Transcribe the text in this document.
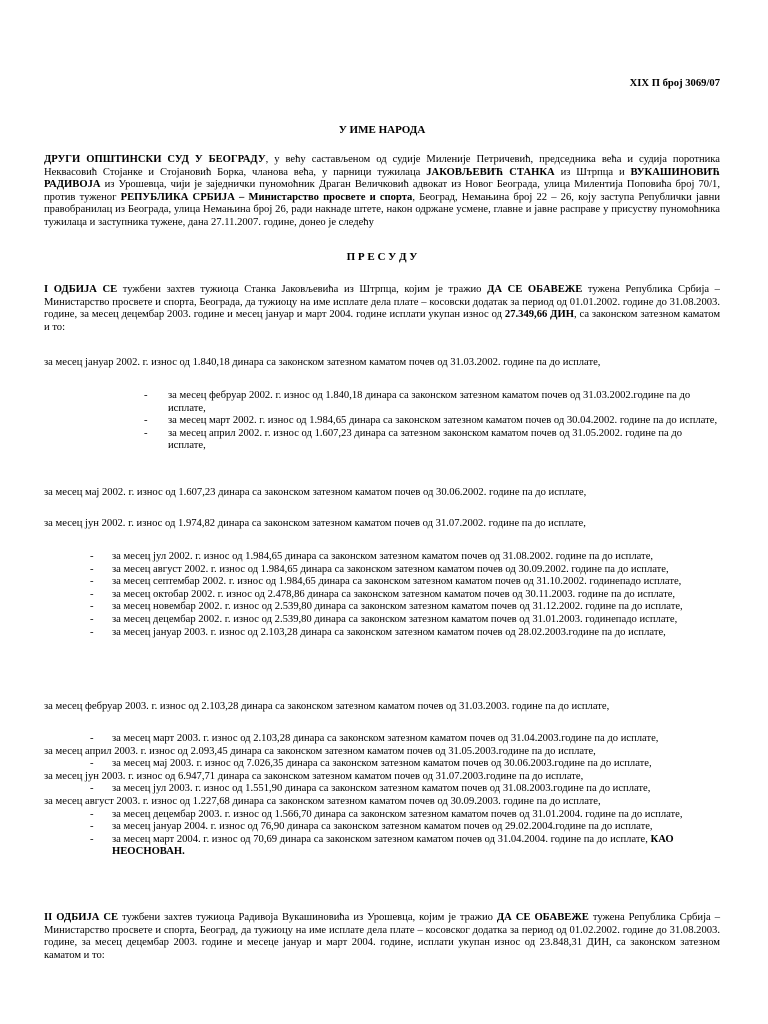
XIX П број 3069/07

У ИМЕ НАРОДА

ДРУГИ ОПШТИНСКИ СУД У БЕОГРАДУ, у већу састављеном од судије Миленије Петричевић, председника већа и судија поротника Неквасовић Стојанке и Стојановић Борка, чланова већа, у парници тужилаца ЈАКОВЉЕВИЋ СТАНКА из Штрпца и ВУКАШИНОВИЋ РАДИВОЈА из Урошевца, чији је заједнички пуномоћник Драган Величковић адвокат из Новог Београда, улица Милентија Поповића број 70/1, против туженог РЕПУБЛИКА СРБИЈА – Министарство просвете и спорта, Београд, Немањина број 22 – 26, коју заступа Републички јавни правобранилац из Београда, улица Немањина број 26, ради накнаде штете, након одржане усмене, главне и јавне расправе у присуству пуномоћника тужилаца и заступника тужене, дана 27.11.2007. године, донео је следећу

П Р Е С У Д У

I ОДБИЈА СЕ тужбени захтев тужиоца Станка Јаковљевића из Штрпца, којим је тражио ДА СЕ ОБАВЕЖЕ тужена Република Србија – Министарство просвете и спорта, Београда, да тужиоцу на име исплате дела плате – косовски додатак за период од 01.01.2002. године до 31.08.2003. године, за месец децембар 2003. године и месец јануар и март 2004. године исплати укупан износ од 27.349,66 ДИН, са законском затезном каматом и то:

за месец јануар 2002. г. износ од 1.840,18 динара са законском затезном каматом почев од 31.03.2002. године па до исплате,

- за месец фебруар 2002. г. износ од 1.840,18 динара са законском затезном каматом почев од 31.03.2002.године па до исплате,
- за месец март 2002. г. износ од 1.984,65 динара са законском затезном каматом почев од 30.04.2002. године па до исплате,
- за месец април 2002. г. износ од 1.607,23 динара са затезном законском каматом почев од 31.05.2002. године па до исплате,

за месец мај 2002. г. износ од 1.607,23 динара са законском затезном каматом почев од 30.06.2002. године па до исплате,

за месец јун 2002. г. износ од 1.974,82 динара са законском затезном каматом почев од 31.07.2002. године па до исплате,

- за месец јул 2002. г. износ од 1.984,65 динара са законском затезном каматом почев од 31.08.2002. године па до исплате,
- за месец август 2002. г. износ од 1.984,65 динара са законском затезном каматом почев од 30.09.2002. године па до исплате,
- за месец септембар 2002. г. износ од 1.984,65 динара са законском затезном каматом почев од 31.10.2002. годинепадо исплате,
- за месец октобар 2002. г. износ од 2.478,86 динара са законском затезном каматом почев од 30.11.2003. године па до исплате,
- за месец новембар 2002. г. износ од 2.539,80 динара са законском затезном каматом почев од 31.12.2002. године па до исплате,
- за месец децембар 2002. г. износ од 2.539,80 динара са законском затезном каматом почев од 31.01.2003. годинепадо исплате,
- за месец јануар 2003. г. износ од 2.103,28 динара са законском затезном каматом почев од 28.02.2003.године па до исплате,

за месец фебруар 2003. г. износ од 2.103,28 динара са законском затезном каматом почев од 31.03.2003. године па до исплате,

- за месец март 2003. г. износ од 2.103,28 динара са законском затезном каматом почев од 31.04.2003.године па до исплате,
за месец април 2003. г. износ од 2.093,45 динара са законском затезном каматом почев од 31.05.2003.године па до исплате,
- за месец мај 2003. г. износ од 7.026,35 динара са законском затезном каматом почев од 30.06.2003.године па до исплате,
за месец јун 2003. г. износ од 6.947,71 динара са законском затезном каматом почев од 31.07.2003.године па до исплате,
- за месец јул 2003. г. износ од 1.551,90 динара са законском затезном каматом почев од 31.08.2003.године па до исплате,
за месец август 2003. г. износ од 1.227,68 динара са законском затезном каматом почев од 30.09.2003. године па до исплате,
- за месец децембар 2003. г. износ од 1.566,70 динара са законском затезном каматом почев од 31.01.2004. године па до исплате,
- за месец јануар 2004. г. износ од 76,90 динара са законском затезном каматом почев од 29.02.2004.године па до исплате,
- за месец март 2004. г. износ од 70,69 динара са законском затезном каматом почев од 31.04.2004. године па до исплате, КАО НЕОСНОВАН.

II ОДБИЈА СЕ тужбени захтев тужиоца Радивоја Вукашиновића из Урошевца, којим је тражио ДА СЕ ОБАВЕЖЕ тужена Република Србија – Министарство просвете и спорта, Београд, да тужиоцу на име исплате дела плате – косовског додатка за период од 01.02.2002. године до 31.08.2003. године, за месец децембар 2003. године и месеце јануар и март 2004. године, исплати укупан износ од 23.848,31 ДИН, са законском затезном каматом и то:
